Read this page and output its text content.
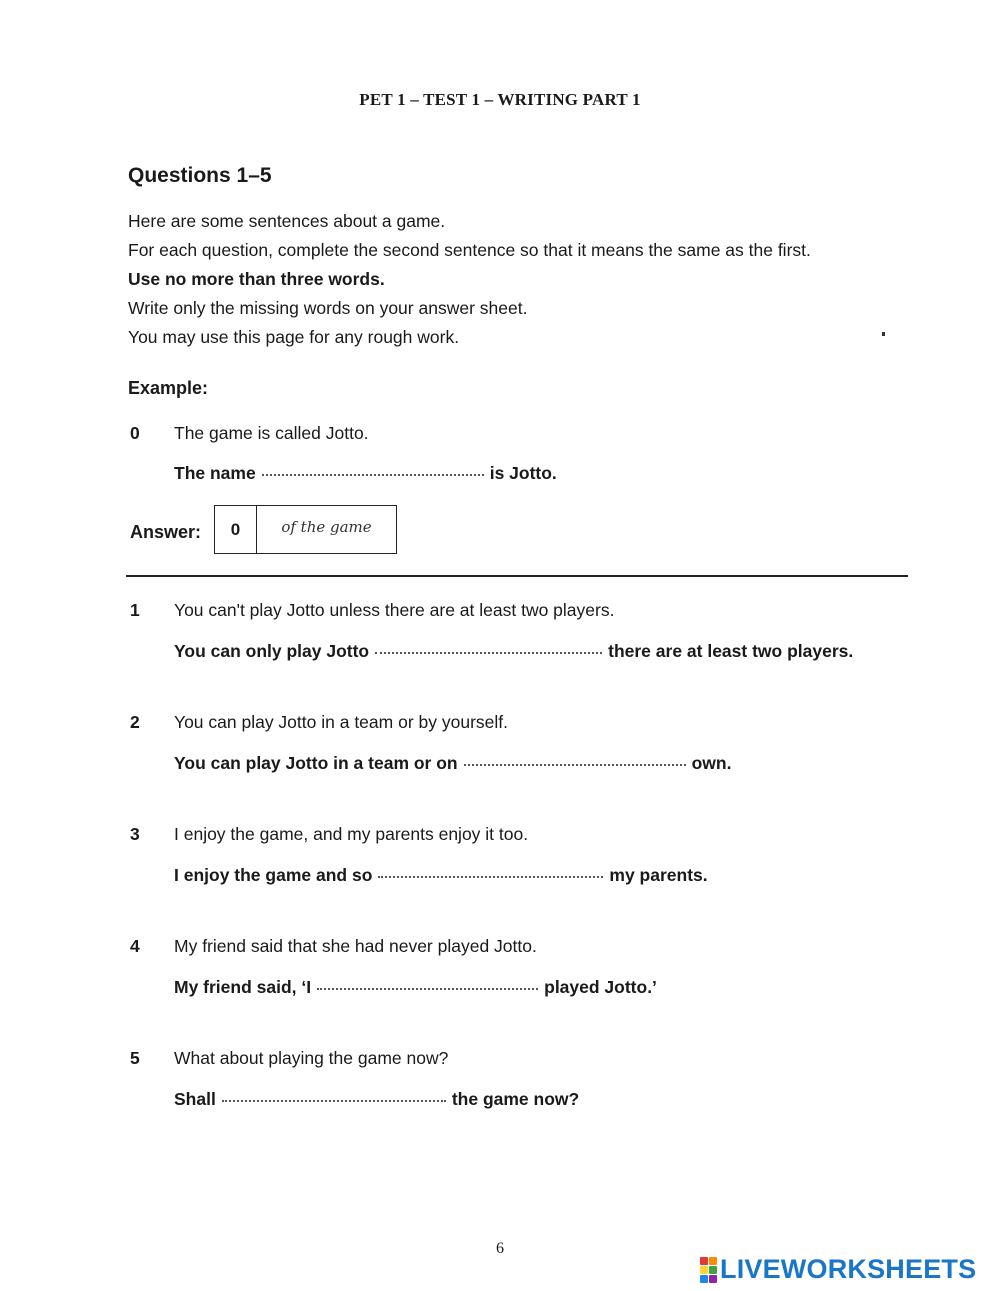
PET 1 – TEST 1 – WRITING PART 1
Questions 1–5
Here are some sentences about a game.
For each question, complete the second sentence so that it means the same as the first.
Use no more than three words.
Write only the missing words on your answer sheet.
You may use this page for any rough work.
Example:
0 The game is called Jotto.
The name	is Jotto.
Answer:	0	of the game
1 You can't play Jotto unless there are at least two players.
You can only play Jotto	there are at least two players.
2 You can play Jotto in a team or by yourself.
You can play Jotto in a team or on	own.
3 I enjoy the game, and my parents enjoy it too.
I enjoy the game and so	my parents.
4 My friend said that she had never played Jotto.
My friend said, ‘I	played Jotto.’
5 What about playing the game now?
Shall	the game now?
6
LIVEWORKSHEETS
